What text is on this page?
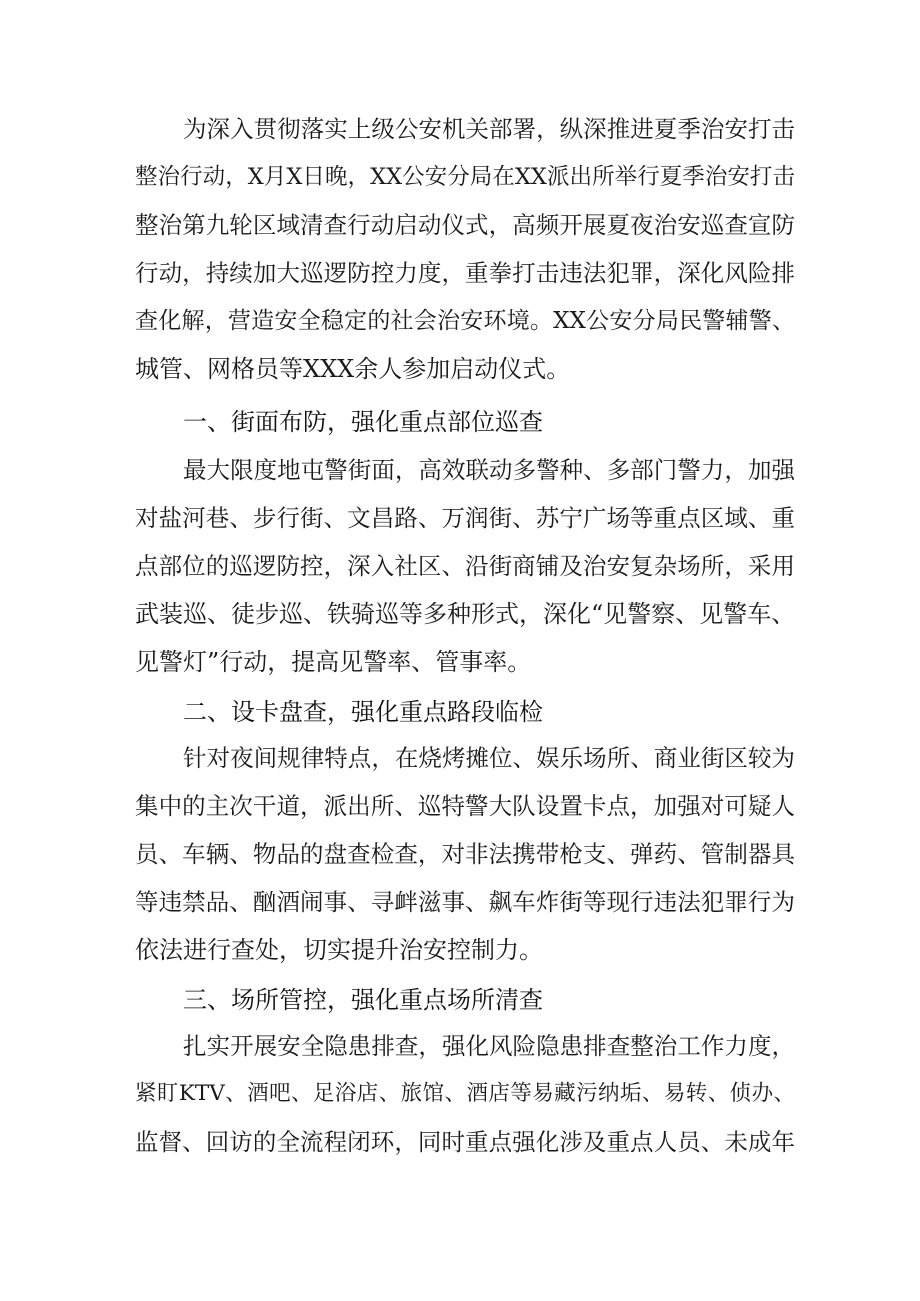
为深入贯彻落实上级公安机关部署，纵深推进夏季治安打击
整治行动，X月X日晚，XX公安分局在XX派出所举行夏季治安打击
整治第九轮区域清查行动启动仪式，高频开展夏夜治安巡查宣防
行动，持续加大巡逻防控力度，重拳打击违法犯罪，深化风险排
查化解，营造安全稳定的社会治安环境。XX公安分局民警辅警、
城管、网格员等XXX余人参加启动仪式。
一、街面布防，强化重点部位巡查
最大限度地屯警街面，高效联动多警种、多部门警力，加强
对盐河巷、步行街、文昌路、万润街、苏宁广场等重点区域、重
点部位的巡逻防控，深入社区、沿街商铺及治安复杂场所，采用
武装巡、徒步巡、铁骑巡等多种形式，深化“见警察、见警车、
见警灯”行动，提高见警率、管事率。
二、设卡盘查，强化重点路段临检
针对夜间规律特点，在烧烤摊位、娱乐场所、商业街区较为
集中的主次干道，派出所、巡特警大队设置卡点，加强对可疑人
员、车辆、物品的盘查检查，对非法携带枪支、弹药、管制器具
等违禁品、酗酒闹事、寻衅滋事、飙车炸街等现行违法犯罪行为
依法进行查处，切实提升治安控制力。
三、场所管控，强化重点场所清查
扎实开展安全隐患排查，强化风险隐患排查整治工作力度，
紧盯KTV、酒吧、足浴店、旅馆、酒店等易藏污纳垢、易转、侦办、
监督、回访的全流程闭环，同时重点强化涉及重点人员、未成年
